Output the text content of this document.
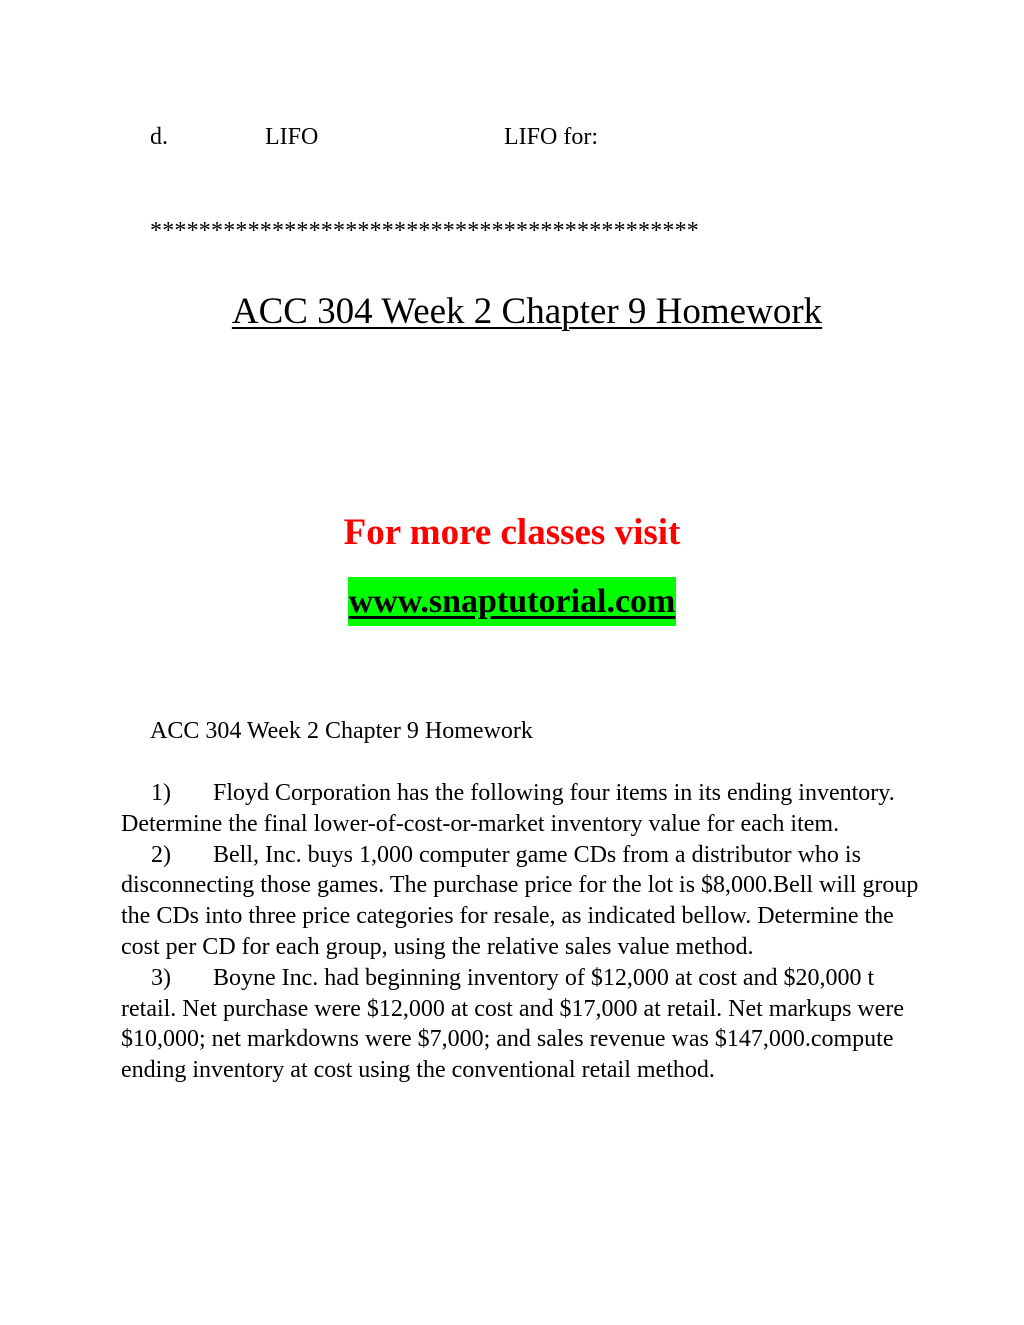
d.	LIFO	LIFO for:
*********************************************
ACC 304 Week 2 Chapter 9 Homework
For more classes visit
www.snaptutorial.com
ACC 304 Week 2 Chapter 9 Homework

1) Floyd Corporation has the following four items in its ending inventory. Determine the final lower-of-cost-or-market inventory value for each item.

2) Bell, Inc. buys 1,000 computer game CDs from a distributor who is disconnecting those games. The purchase price for the lot is $8,000.Bell will group the CDs into three price categories for resale, as indicated bellow. Determine the cost per CD for each group, using the relative sales value method.

3) Boyne Inc. had beginning inventory of $12,000 at cost and $20,000 t retail. Net purchase were $12,000 at cost and $17,000 at retail. Net markups were $10,000; net markdowns were $7,000; and sales revenue was $147,000.compute ending inventory at cost using the conventional retail method.
